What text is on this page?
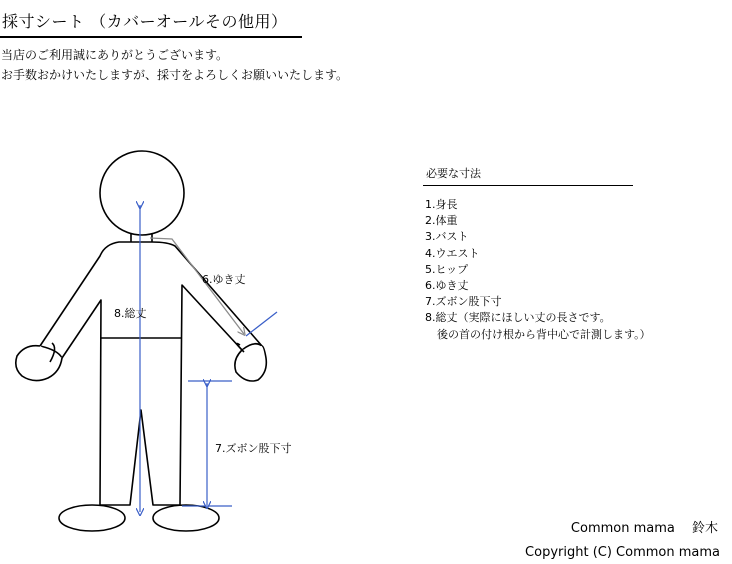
採寸シート （カバーオールその他用）
当店のご利用誠にありがとうございます。
お手数おかけいたしますが、採寸をよろしくお願いいたします。
6.ゆき丈
8.総丈
7.ズボン股下寸
必要な寸法
1.身長
2.体重
3.バスト
4.ウエスト
5.ヒップ
6.ゆき丈
7.ズボン股下寸
8.総丈（実際にほしい丈の長さです。
後の首の付け根から背中心で計測します。）
Common mama　 鈴木
Copyright (C) Common mama
